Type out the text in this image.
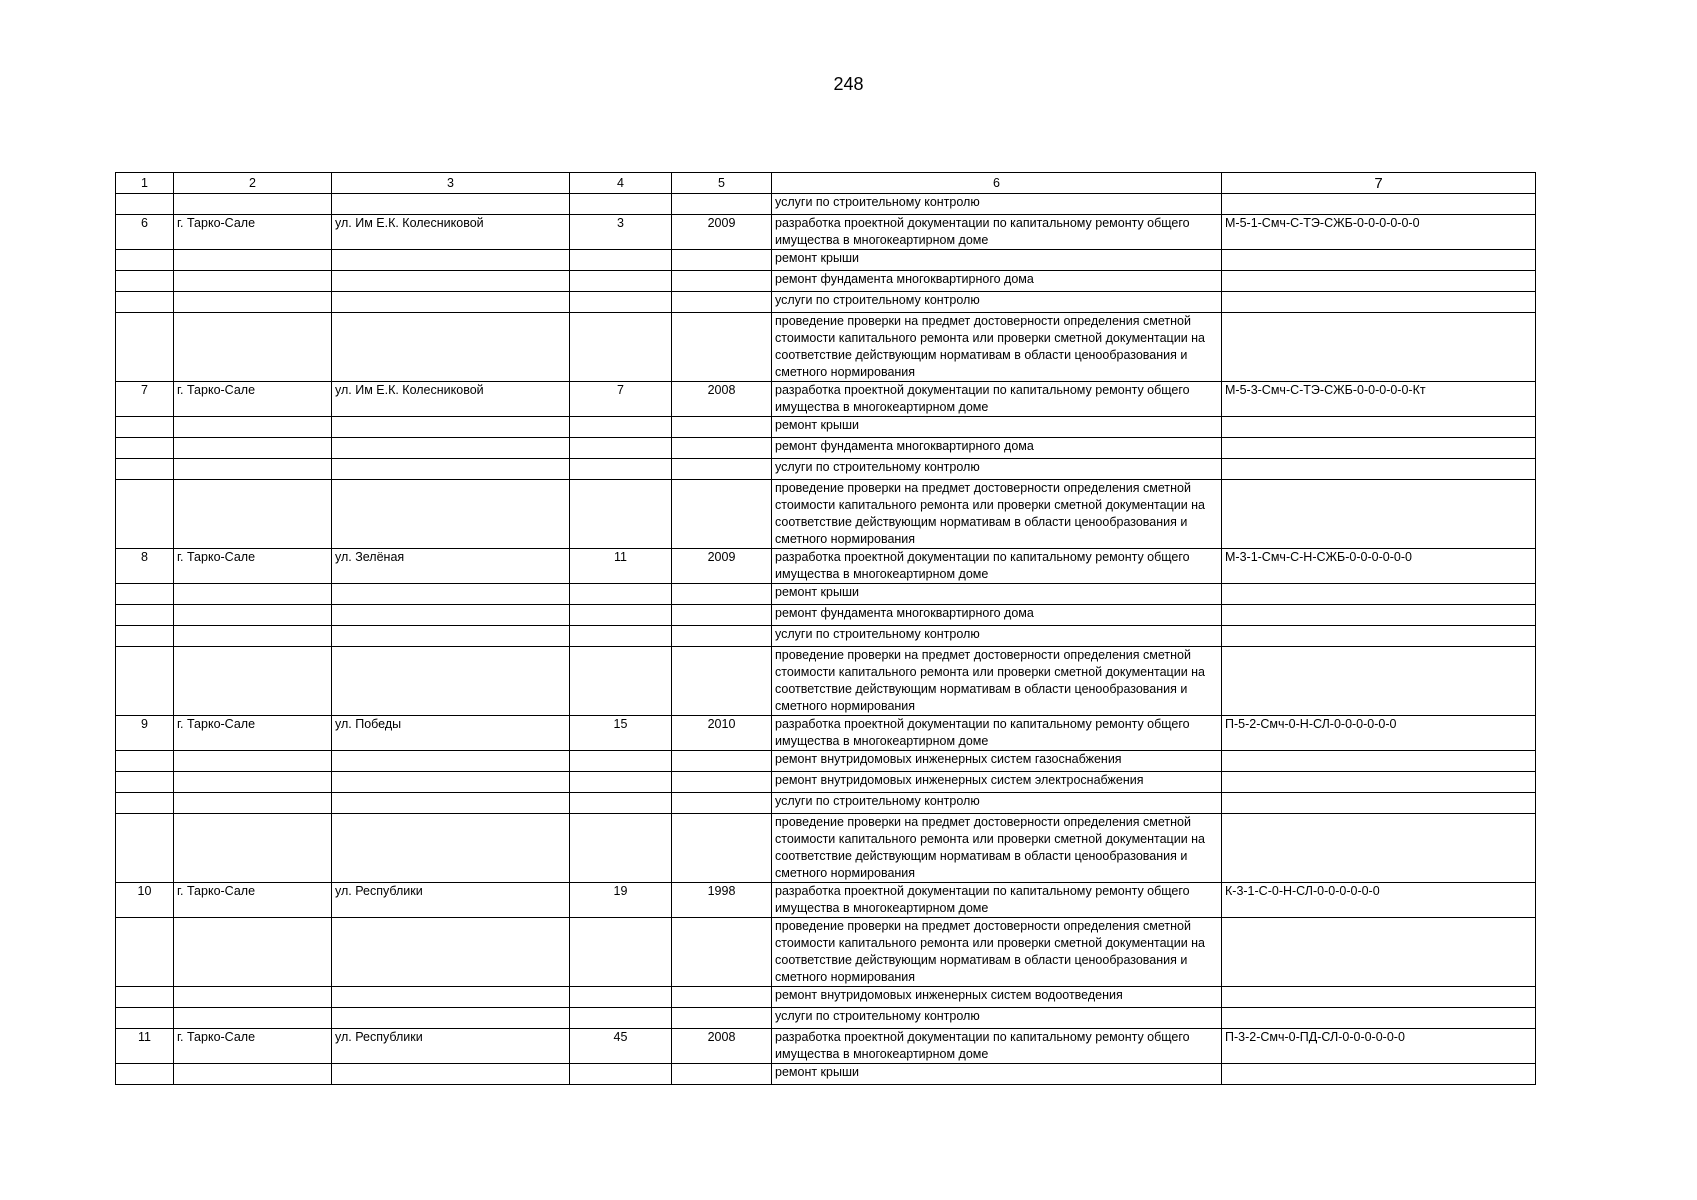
248
1	2	3	4	5	6	7
					услуги по строительному контролю	
6	г. Тарко-Сале	ул. Им Е.К. Колесниковой	3	2009	разработка проектной документации по капитальному ремонту общего имущества в многокеартирном доме	М-5-1-Смч-С-ТЭ-СЖБ-0-0-0-0-0-0
					ремонт крыши	
					ремонт фундамента многоквартирного дома	
					услуги по строительному контролю	
					проведение проверки на предмет достоверности определения сметной стоимости капитального ремонта или проверки сметной документации на соответствие действующим нормативам в области ценообразования и сметного нормирования	
7	г. Тарко-Сале	ул. Им Е.К. Колесниковой	7	2008	разработка проектной документации по капитальному ремонту общего имущества в многокеартирном доме	М-5-3-Смч-С-ТЭ-СЖБ-0-0-0-0-0-Кт
					ремонт крыши	
					ремонт фундамента многоквартирного дома	
					услуги по строительному контролю	
					проведение проверки на предмет достоверности определения сметной стоимости капитального ремонта или проверки сметной документации на соответствие действующим нормативам в области ценообразования и сметного нормирования	
8	г. Тарко-Сале	ул. Зелёная	11	2009	разработка проектной документации по капитальному ремонту общего имущества в многокеартирном доме	М-3-1-Смч-С-Н-СЖБ-0-0-0-0-0-0
					ремонт крыши	
					ремонт фундамента многоквартирного дома	
					услуги по строительному контролю	
					проведение проверки на предмет достоверности определения сметной стоимости капитального ремонта или проверки сметной документации на соответствие действующим нормативам в области ценообразования и сметного нормирования	
9	г. Тарко-Сале	ул. Победы	15	2010	разработка проектной документации по капитальному ремонту общего имущества в многокеартирном доме	П-5-2-Смч-0-Н-СЛ-0-0-0-0-0-0
					ремонт внутридомовых инженерных систем газоснабжения	
					ремонт внутридомовых инженерных систем электроснабжения	
					услуги по строительному контролю	
					проведение проверки на предмет достоверности определения сметной стоимости капитального ремонта или проверки сметной документации на соответствие действующим нормативам в области ценообразования и сметного нормирования	
10	г. Тарко-Сале	ул. Республики	19	1998	разработка проектной документации по капитальному ремонту общего имущества в многокеартирном доме	К-3-1-С-0-Н-СЛ-0-0-0-0-0-0
					проведение проверки на предмет достоверности определения сметной стоимости капитального ремонта или проверки сметной документации на соответствие действующим нормативам в области ценообразования и сметного нормирования	
					ремонт внутридомовых инженерных систем водоотведения	
					услуги по строительному контролю	
11	г. Тарко-Сале	ул. Республики	45	2008	разработка проектной документации по капитальному ремонту общего имущества в многокеартирном доме	П-3-2-Смч-0-ПД-СЛ-0-0-0-0-0-0
					ремонт крыши	
